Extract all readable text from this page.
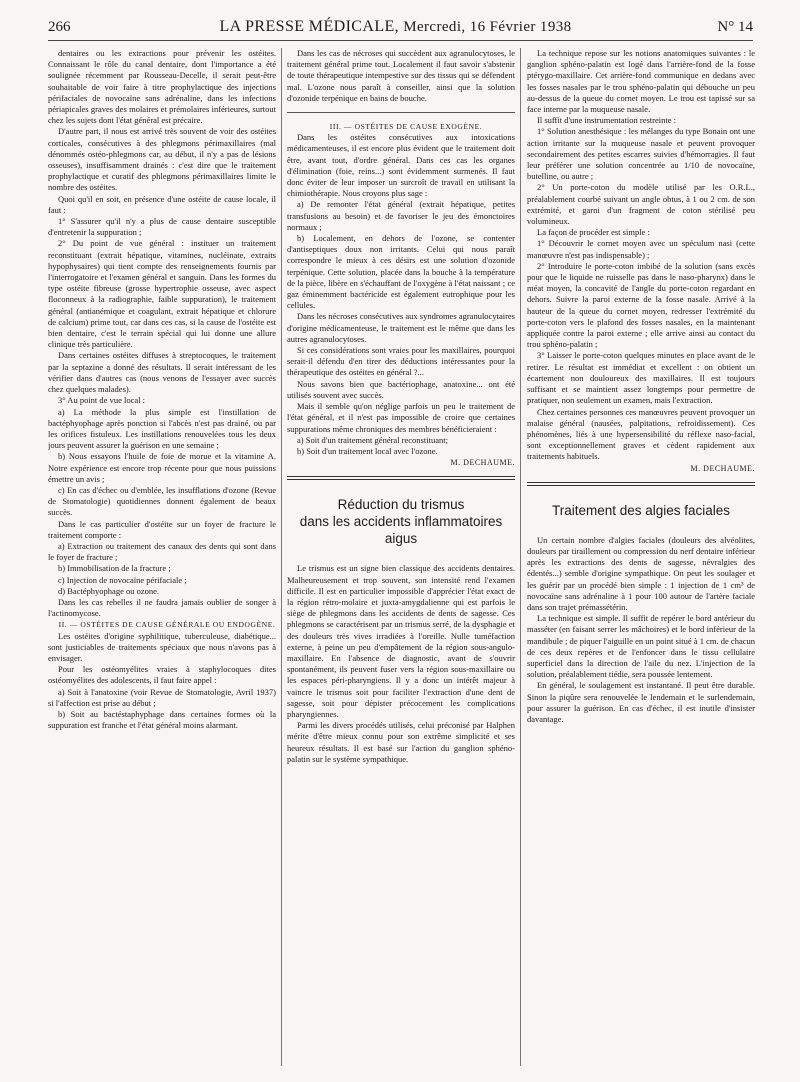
266	LA PRESSE MÉDICALE, Mercredi, 16 Février 1938	N° 14

dentaires ou les extractions pour prévenir les ostéites. Connaissant le rôle du canal dentaire, dont l'importance a été soulignée récemment par Rousseau-Decelle, il serait peut-être souhaitable de voir faire à titre prophylactique des injections périfaciales de novocaïne sans adrénaline, dans les infections périapicales graves des molaires et prémolaires inférieures, surtout chez les sujets dont l'état général est précaire.

D'autre part, il nous est arrivé très souvent de voir des ostéites corticales, consécutives à des phlegmons périmaxillaires (mal dénommés ostéo-phlegmons car, au début, il n'y a pas de lésions osseuses), insuffisamment drainés : c'est dire que le traitement prophylactique et curatif des phlegmons périmaxillaires limite le nombre des ostéites.

Quoi qu'il en soit, en présence d'une ostéite de cause locale, il faut :

1° S'assurer qu'il n'y a plus de cause dentaire susceptible d'entretenir la suppuration ;

2° Du point de vue général : instituer un traitement reconstituant (extrait hépatique, vitamines, nucléinate, extraits hypophysaires) qui tient compte des renseignements fournis par l'interrogatoire et l'examen général et sanguin. Dans les formes du type ostéite fibreuse (grosse hypertrophie osseuse, avec aspect floconneux à la radiographie, faible suppuration), le traitement général (antianémique et coagulant, extrait hépatique et chlorure de calcium) prime tout, car dans ces cas, si la cause de l'ostéite est bien dentaire, c'est le terrain spécial qui lui donne une allure clinique très particulière.

Dans certaines ostéites diffuses à streptocoques, le traitement par la septazine a donné des résultats. Il serait intéressant de les vérifier dans d'autres cas (nous venons de l'essayer avec succès chez quelques malades).

3° Au point de vue local :

a) La méthode la plus simple est l'instillation de bactéphyophage après ponction si l'abcès n'est pas drainé, ou par les orifices fistuleux. Les instillations renouvelées tous les deux jours peuvent assurer la guérison en une semaine ;

b) Nous essayons l'huile de foie de morue et la vitamine A. Notre expérience est encore trop récente pour que nous puissions émettre un avis ;

c) En cas d'échec ou d'emblée, les insufflations d'ozone (Revue de Stomatologie) quotidiennes donnent également de beaux succès.

Dans le cas particulier d'ostéite sur un foyer de fracture le traitement comporte :

a) Extraction ou traitement des canaux des dents qui sont dans le foyer de fracture ;

b) Immobilisation de la fracture ;

c) Injection de novocaïne périfaciale ;

d) Bactéphyophage ou ozone.

Dans les cas rebelles il ne faudra jamais oublier de songer à l'actinomycose.

II. — OSTÉITES DE CAUSE GÉNÉRALE OU ENDOGÈNE.

Les ostéites d'origine syphilitique, tuberculeuse, diabétique... sont justiciables de traitements spéciaux que nous n'avons pas à envisager.

Pour les ostéomyélites vraies à staphylocoques dites ostéomyélites des adolescents, il faut faire appel :

a) Soit à l'anatoxine (voir Revue de Stomatologie, Avril 1937) si l'affection est prise au début ;

b) Soit au bactéstaphyphage dans certaines formes où la suppuration est franche et l'état général moins alarmant.

Dans les cas de nécroses qui succèdent aux agranulocytoses, le traitement général prime tout. Localement il faut savoir s'abstenir de toute thérapeutique intempestive sur des tissus qui se défendent mal. L'ozone nous paraît à conseiller, ainsi que la solution d'ozonide terpénique en bains de bouche.

III. — OSTÉITES DE CAUSE EXOGÈNE.

Dans les ostéites consécutives aux intoxications médicamenteuses, il est encore plus évident que le traitement doit être, avant tout, d'ordre général. Dans ces cas les organes d'élimination (foie, reins...) sont évidemment surmenés. Il faut donc éviter de leur imposer un surcroît de travail en utilisant la chimiothérapie. Nous croyons plus sage :

a) De remonter l'état général (extrait hépatique, petites transfusions au besoin) et de favoriser le jeu des émonctoires normaux ;

b) Localement, en dehors de l'ozone, se contenter d'antiseptiques doux non irritants. Celui qui nous paraît correspondre le mieux à ces désirs est une solution d'ozonide terpénique. Cette solution, placée dans la bouche à la température de la pièce, libère en s'échauffant de l'oxygène à l'état naissant ; ce gaz éminemment bactéricide est également eutrophique pour les cellules.

Dans les nécroses consécutives aux syndromes agranulocytaires d'origine médicamenteuse, le traitement est le même que dans les autres agranulocytoses.

Si ces considérations sont vraies pour les maxillaires, pourquoi serait-il défendu d'en tirer des déductions intéressantes pour la thérapeutique des ostéites en général ?...

Nous savons bien que bactériophage, anatoxine... ont été utilisés souvent avec succès.

Mais il semble qu'on néglige parfois un peu le traitement de l'état général, et il n'est pas impossible de croire que certaines suppurations même chroniques des membres bénéficieraient :

a) Soit d'un traitement général reconstituant;

b) Soit d'un traitement local avec l'ozone.

M. DECHAUME.

Réduction du trismus
dans les accidents inflammatoires aigus

Le trismus est un signe bien classique des accidents dentaires. Malheureusement et trop souvent, son intensité rend l'examen difficile. Il est en particulier impossible d'apprécier l'état exact de la région rétro-molaire et juxta-amygdalienne qui est parfois le siège de phlegmons dans les accidents de dents de sagesse. Ces phlegmons se caractérisent par un trismus serré, de la dysphagie et des douleurs très vives irradiées à l'oreille. Nulle tuméfaction externe, à peine un peu d'empâtement de la région sous-angulo-maxillaire. En l'absence de diagnostic, avant de s'ouvrir spontanément, ils peuvent fuser vers la région sous-maxillaire ou les espaces péri-pharyngiens. Il y a donc un intérêt majeur à vaincre le trismus soit pour faciliter l'extraction d'une dent de sagesse, soit pour dépister précocement les complications pharyngiennes.

Parmi les divers procédés utilisés, celui préconisé par Halphen mérite d'être mieux connu pour son extrême simplicité et ses heureux résultats. Il est basé sur l'action du ganglion sphéno-palatin sur le système sympathique.

La technique repose sur les notions anatomiques suivantes : le ganglion sphéno-palatin est logé dans l'arrière-fond de la fosse ptérygo-maxillaire. Cet arrière-fond communique en dedans avec les fosses nasales par le trou sphéno-palatin qui débouche un peu au-dessus de la queue du cornet moyen. Le trou est tapissé sur sa face interne par la muqueuse nasale.

Il suffit d'une instrumentation restreinte :

1° Solution anesthésique : les mélanges du type Bonain ont une action irritante sur la muqueuse nasale et peuvent provoquer secondairement des petites escarres suivies d'hémorragies. Il faut leur préférer une solution concentrée au 1/10 de novocaïne, butelline, ou autre ;

2° Un porte-coton du modèle utilisé par les O.R.L., préalablement courbé suivant un angle obtus, à 1 ou 2 cm. de son extrémité, et garni d'un fragment de coton stérilisé peu volumineux.

La façon de procéder est simple :

1° Découvrir le cornet moyen avec un spéculum nasi (cette manœuvre n'est pas indispensable) ;

2° Introduire le porte-coton imbibé de la solution (sans excès pour que le liquide ne ruisselle pas dans le naso-pharynx) dans le méat moyen, la concavité de l'angle du porte-coton regardant en dehors. Suivre la paroi externe de la fosse nasale. Arrivé à la hauteur de la queue du cornet moyen, redresser l'extrémité du porte-coton vers le plafond des fosses nasales, en la maintenant appliquée contre la paroi externe ; elle arrive ainsi au contact du trou sphéno-palatin ;

3° Laisser le porte-coton quelques minutes en place avant de le retirer. Le résultat est immédiat et excellent : on obtient un écartement non douloureux des maxillaires. Il est toujours suffisant et se maintient assez longtemps pour permettre de pratiquer, non seulement un examen, mais l'extraction.

Chez certaines personnes ces manœuvres peuvent provoquer un malaise général (nausées, palpitations, refroidissement). Ces phénomènes, liés à une hypersensibilité du réflexe naso-facial, sont exceptionnellement graves et cèdent rapidement aux traitements habituels.

M. DECHAUME.

Traitement des algies faciales

Un certain nombre d'algies faciales (douleurs des alvéolites, douleurs par tiraillement ou compression du nerf dentaire inférieur après les extractions des dents de sagesse, névralgies des édentés...) semble d'origine sympathique. On peut les soulager et les guérir par un procédé bien simple : 1 injection de 1 cm³ de novocaïne sans adrénaline à 1 pour 100 autour de l'artère faciale dans son trajet prémassétérin.

La technique est simple. Il suffit de repérer le bord antérieur du masséter (en faisant serrer les mâchoires) et le bord inférieur de la mandibule ; de piquer l'aiguille en un point situé à 1 cm. de chacun de ces deux repères et de l'enfoncer dans le tissu cellulaire superficiel dans la direction de l'aile du nez. L'injection de la solution, préalablement tiédie, sera poussée lentement.

En général, le soulagement est instantané. Il peut être durable. Sinon la piqûre sera renouvelée le lendemain et le surlendemain, pour assurer la guérison. En cas d'échec, il est inutile d'insister davantage.
